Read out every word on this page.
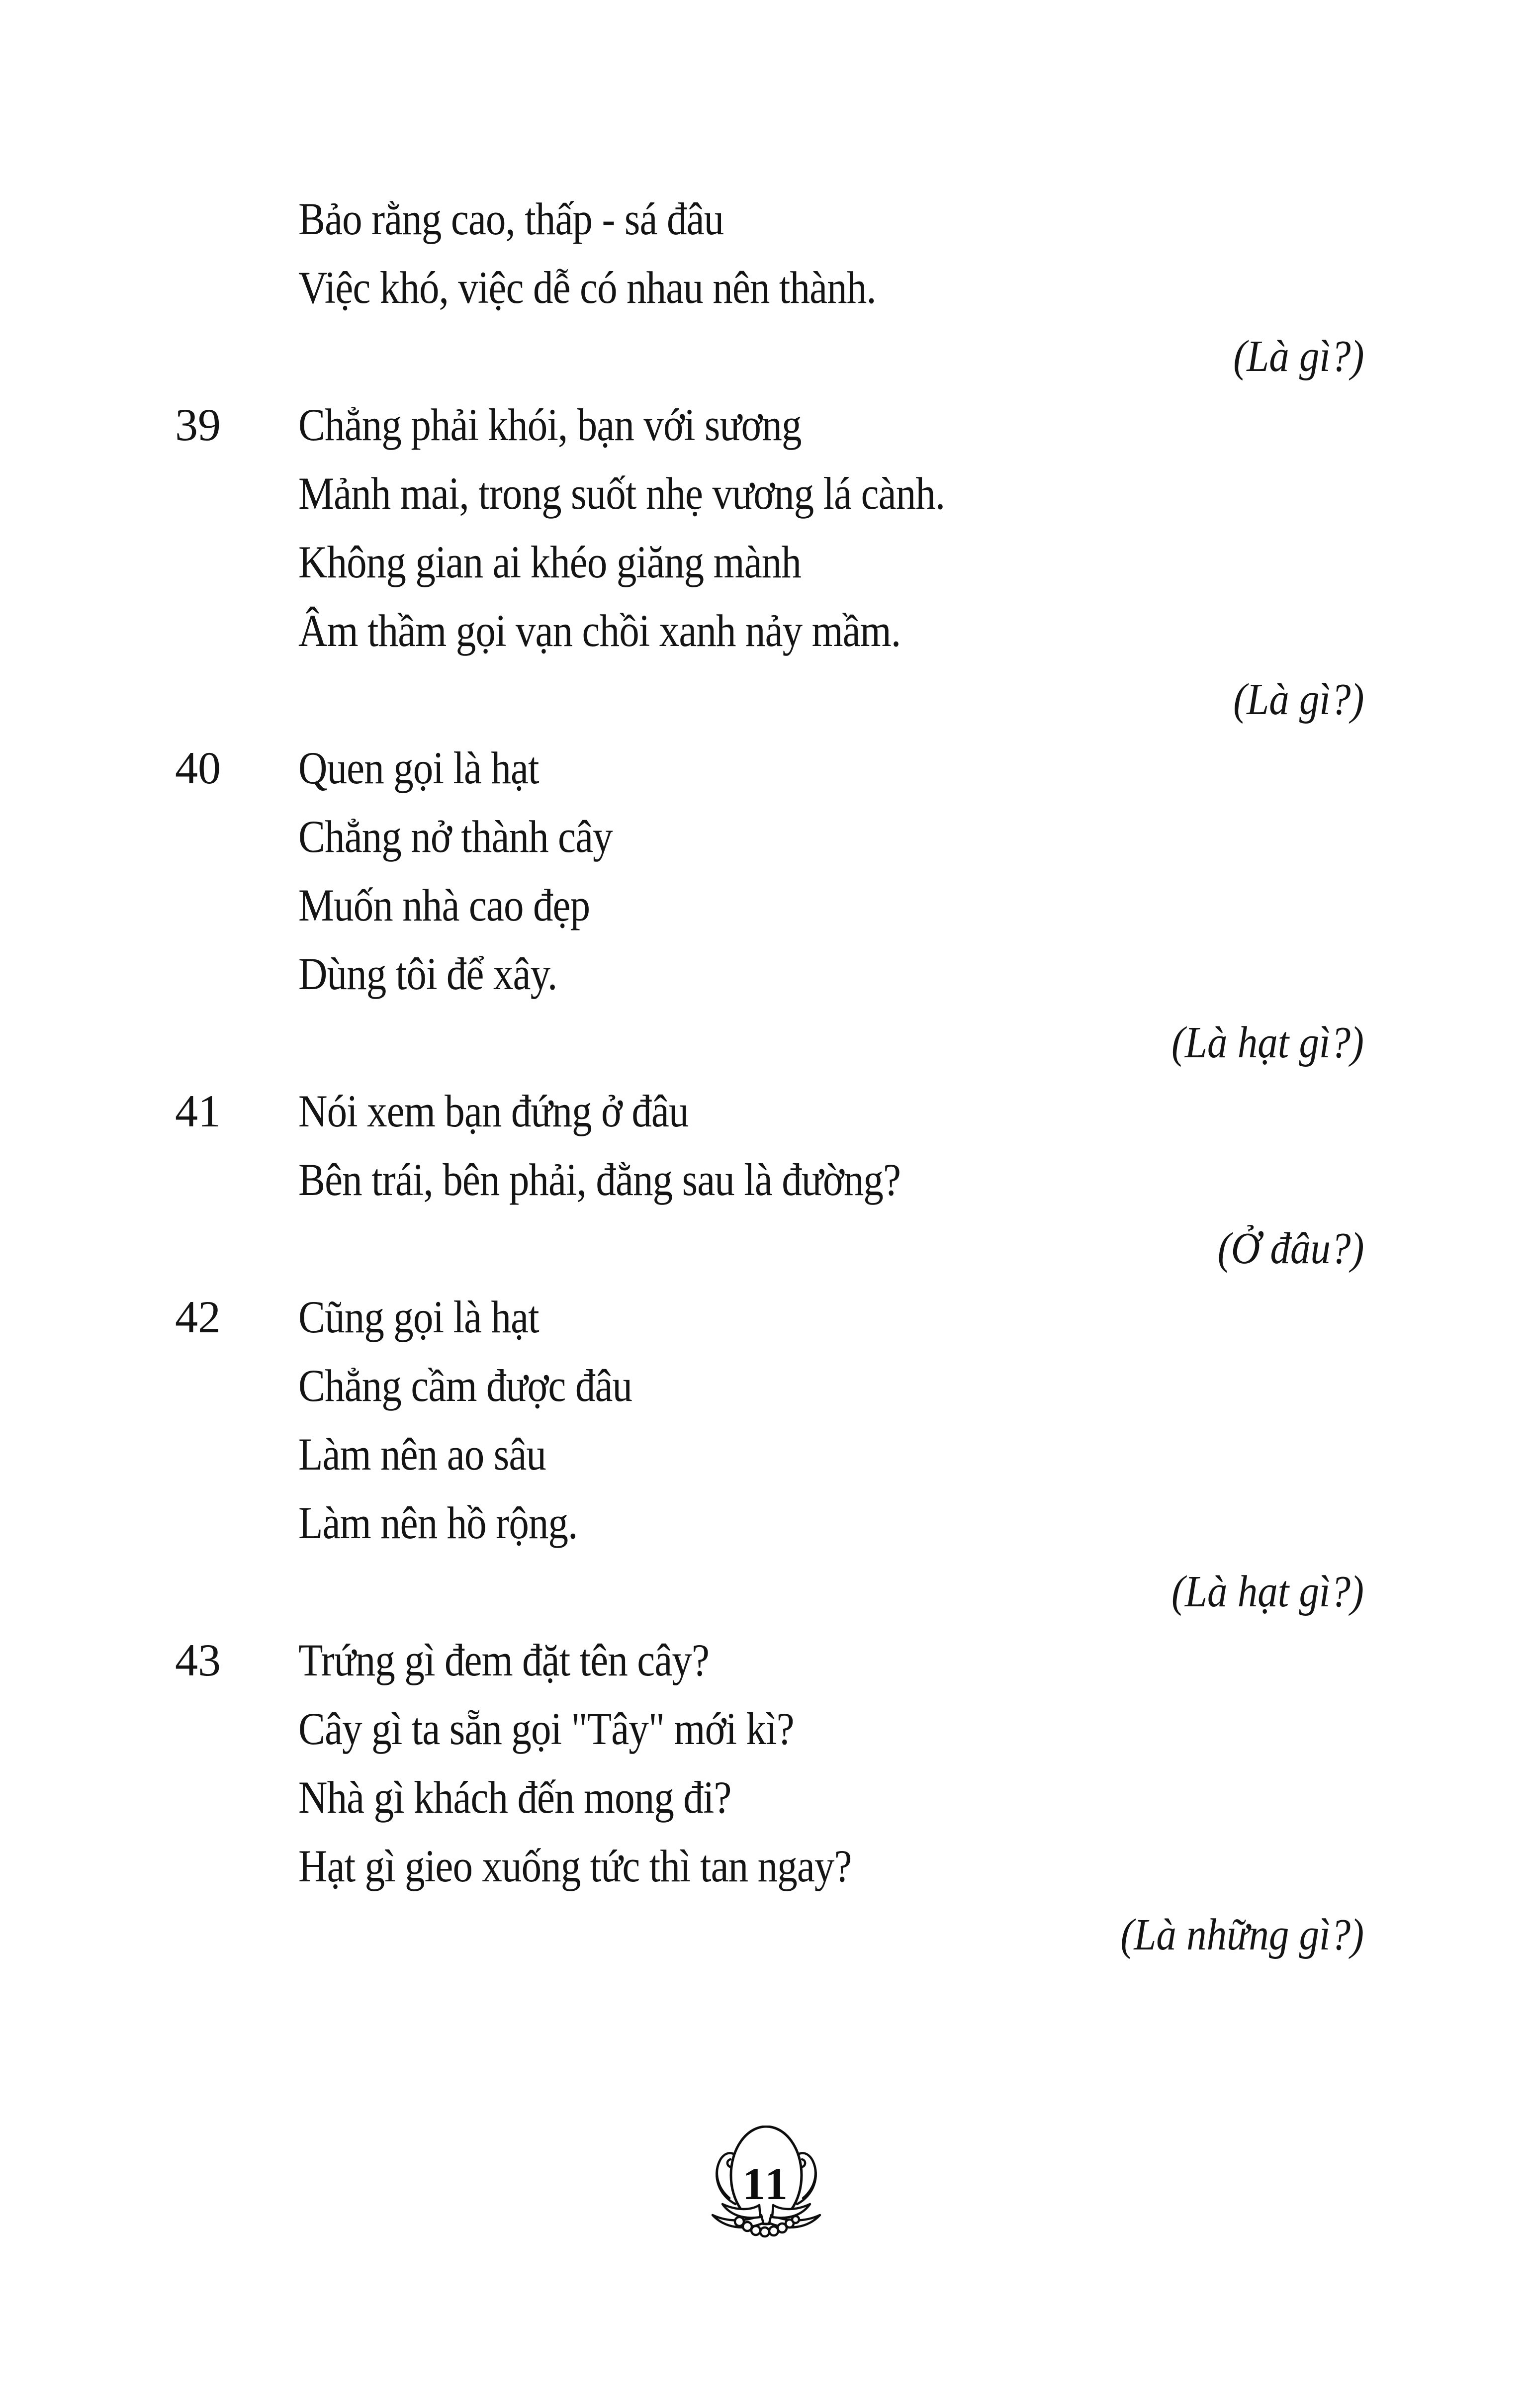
Bảo rằng cao, thấp - sá đâu
Việc khó, việc dễ có nhau nên thành.
(Là gì?)
39 Chẳng phải khói, bạn với sương
Mảnh mai, trong suốt nhẹ vương lá cành.
Không gian ai khéo giăng mành
Âm thầm gọi vạn chồi xanh nảy mầm.
(Là gì?)
40 Quen gọi là hạt
Chẳng nở thành cây
Muốn nhà cao đẹp
Dùng tôi để xây.
(Là hạt gì?)
41 Nói xem bạn đứng ở đâu
Bên trái, bên phải, đằng sau là đường?
(Ở đâu?)
42 Cũng gọi là hạt
Chẳng cầm được đâu
Làm nên ao sâu
Làm nên hồ rộng.
(Là hạt gì?)
43 Trứng gì đem đặt tên cây?
Cây gì ta sẵn gọi "Tây" mới kì?
Nhà gì khách đến mong đi?
Hạt gì gieo xuống tức thì tan ngay?
(Là những gì?)
11
